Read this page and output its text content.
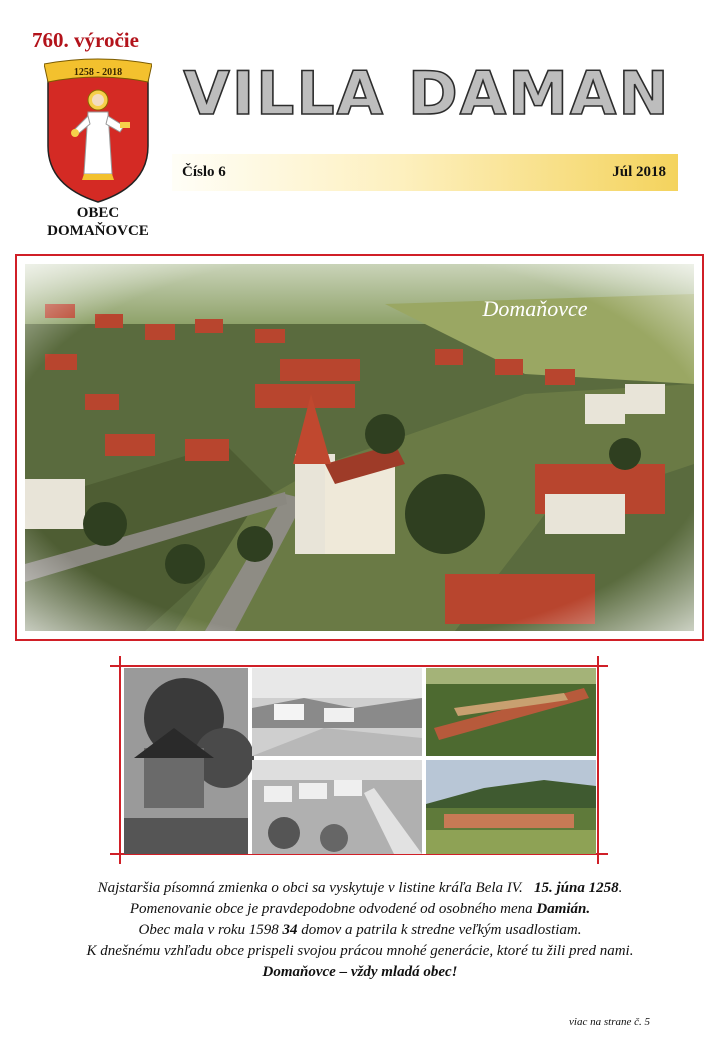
760. výročie
1258 - 2018
OBEC
DOMAŇOVCE
VILLA DAMAN
Číslo 6	Júl 2018
Najstaršia písomná zmienka o obci sa vyskytuje v listine kráľa Bela IV. 15. júna 1258.
Pomenovanie obce je pravdepodobne odvodené od osobného mena Damián.
Obec mala v roku 1598 34 domov a patrila k stredne veľkým usadlostiam.
K dnešnému vzhľadu obce prispeli svojou prácou mnohé generácie, ktoré tu žili pred nami.
Domaňovce – vždy mladá obec!
viac na strane č. 5
